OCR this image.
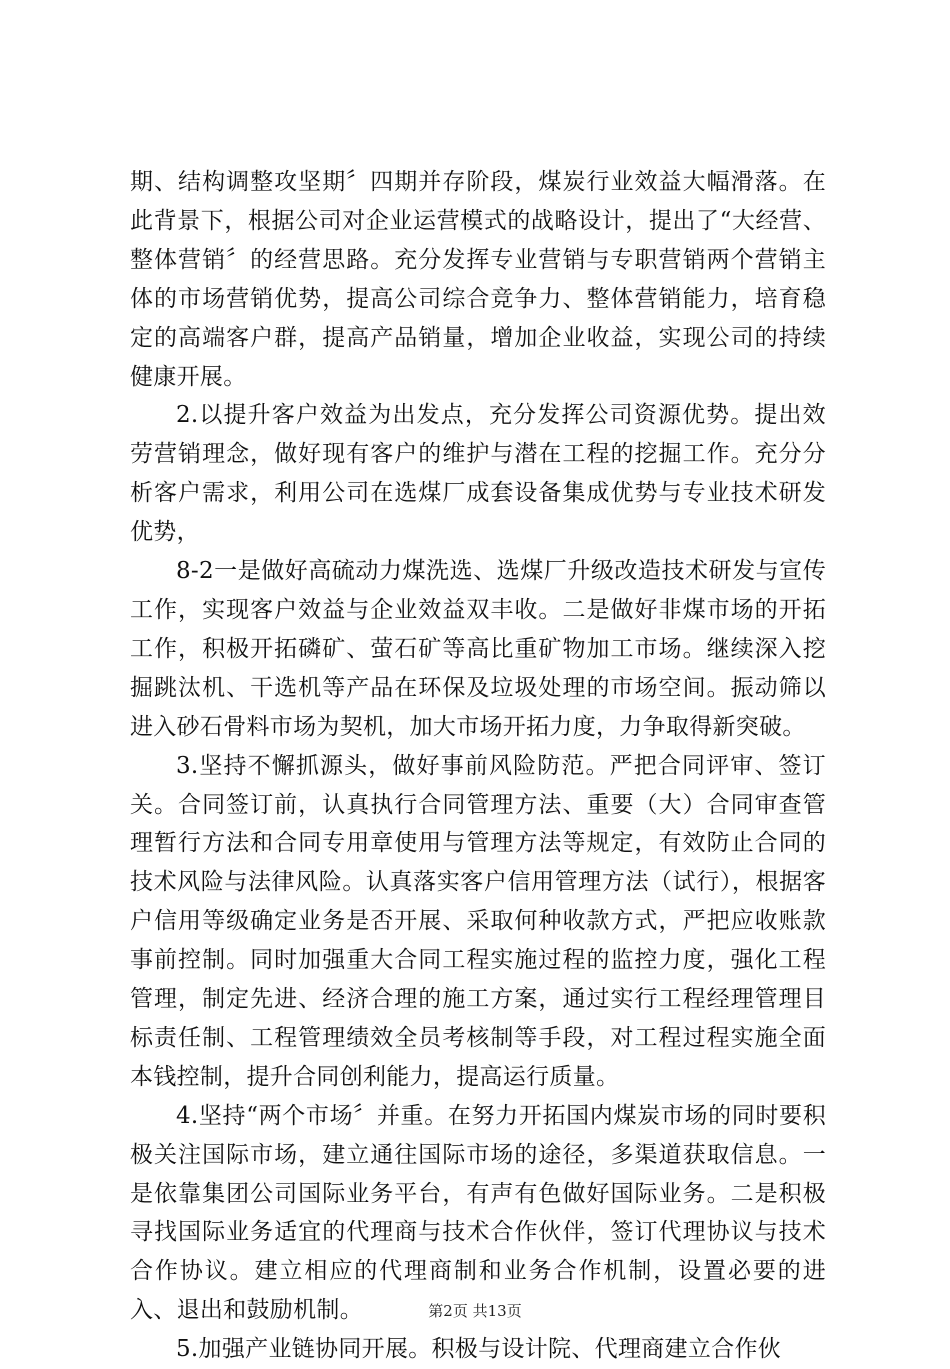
期、结构调整攻坚期〞四期并存阶段，煤炭行业效益大幅滑落。在此背景下，根据公司对企业运营模式的战略设计，提出了“大经营、整体营销〞的经营思路。充分发挥专业营销与专职营销两个营销主体的市场营销优势，提高公司综合竞争力、整体营销能力，培育稳定的高端客户群，提高产品销量，增加企业收益，实现公司的持续健康开展。

2.以提升客户效益为出发点，充分发挥公司资源优势。提出效劳营销理念，做好现有客户的维护与潜在工程的挖掘工作。充分分析客户需求，利用公司在选煤厂成套设备集成优势与专业技术研发优势，

8-2一是做好高硫动力煤洗选、选煤厂升级改造技术研发与宣传工作，实现客户效益与企业效益双丰收。二是做好非煤市场的开拓工作，积极开拓磷矿、萤石矿等高比重矿物加工市场。继续深入挖掘跳汰机、干选机等产品在环保及垃圾处理的市场空间。振动筛以进入砂石骨料市场为契机，加大市场开拓力度，力争取得新突破。

3.坚持不懈抓源头，做好事前风险防范。严把合同评审、签订关。合同签订前，认真执行合同管理方法、重要（大）合同审查管理暂行方法和合同专用章使用与管理方法等规定，有效防止合同的技术风险与法律风险。认真落实客户信用管理方法（试行），根据客户信用等级确定业务是否开展、采取何种收款方式，严把应收账款事前控制。同时加强重大合同工程实施过程的监控力度，强化工程管理，制定先进、经济合理的施工方案，通过实行工程经理管理目标责任制、工程管理绩效全员考核制等手段，对工程过程实施全面本钱控制，提升合同创利能力，提高运行质量。

4.坚持“两个市场〞并重。在努力开拓国内煤炭市场的同时要积极关注国际市场，建立通往国际市场的途径，多渠道获取信息。一是依靠集团公司国际业务平台，有声有色做好国际业务。二是积极寻找国际业务适宜的代理商与技术合作伙伴，签订代理协议与技术合作协议。建立相应的代理商制和业务合作机制，设置必要的进入、退出和鼓励机制。

5.加强产业链协同开展。积极与设计院、代理商建立合作伙

第2页 共13页
